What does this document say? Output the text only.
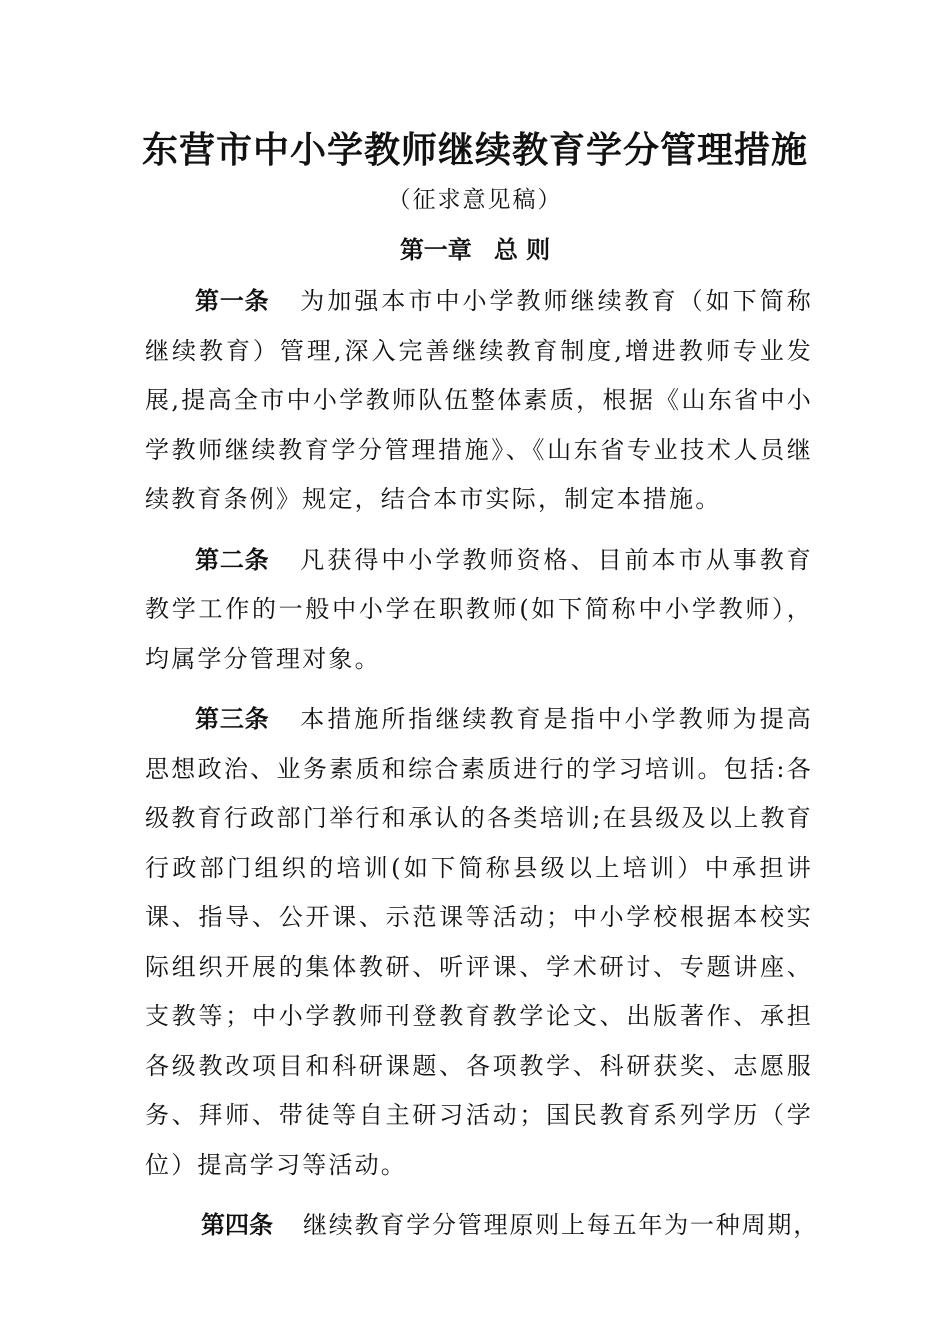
东营市中小学教师继续教育学分管理措施
（征求意见稿）
第一章 总 则

第一条 为加强本市中小学教师继续教育（如下简称继续教育）管理,深入完善继续教育制度,增进教师专业发展,提高全市中小学教师队伍整体素质，根据《山东省中小学教师继续教育学分管理措施》、《山东省专业技术人员继续教育条例》规定，结合本市实际，制定本措施。

第二条 凡获得中小学教师资格、目前本市从事教育教学工作的一般中小学在职教师(如下简称中小学教师），均属学分管理对象。

第三条 本措施所指继续教育是指中小学教师为提高思想政治、业务素质和综合素质进行的学习培训。包括:各级教育行政部门举行和承认的各类培训;在县级及以上教育行政部门组织的培训(如下简称县级以上培训）中承担讲课、指导、公开课、示范课等活动；中小学校根据本校实际组织开展的集体教研、听评课、学术研讨、专题讲座、支教等；中小学教师刊登教育教学论文、出版著作、承担各级教改项目和科研课题、各项教学、科研获奖、志愿服务、拜师、带徒等自主研习活动；国民教育系列学历（学位）提高学习等活动。

第四条 继续教育学分管理原则上每五年为一种周期，
